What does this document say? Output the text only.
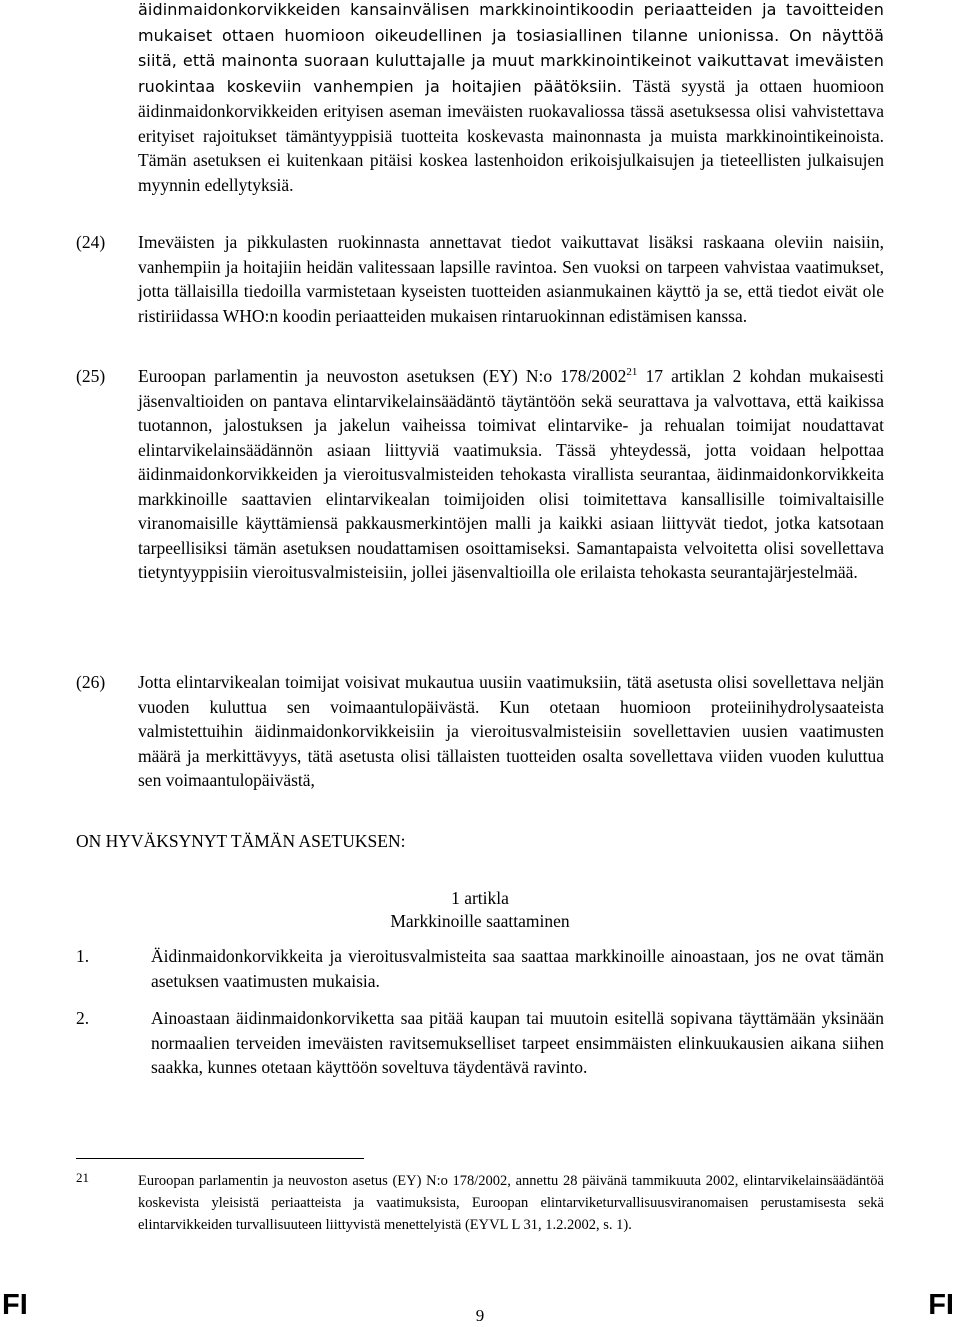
äidinmaidonkorvikkeiden kansainvälisen markkinointikoodin periaatteiden ja tavoitteiden mukaiset ottaen huomioon oikeudellinen ja tosiasiallinen tilanne unionissa. On näyttöä siitä, että mainonta suoraan kuluttajalle ja muut markkinointikeinot vaikuttavat imeväisten ruokintaa koskeviin vanhempien ja hoitajien päätöksiin. Tästä syystä ja ottaen huomioon äidinmaidonkorvikkeiden erityisen aseman imeväisten ruokavaliossa tässä asetuksessa olisi vahvistettava erityiset rajoitukset tämäntyyppisiä tuotteita koskevasta mainonnasta ja muista markkinointikeinoista. Tämän asetuksen ei kuitenkaan pitäisi koskea lastenhoidon erikoisjulkaisujen ja tieteellisten julkaisujen myynnin edellytyksiä.
(24) Imeväisten ja pikkulasten ruokinnasta annettavat tiedot vaikuttavat lisäksi raskaana oleviin naisiin, vanhempiin ja hoitajiin heidän valitessaan lapsille ravintoa. Sen vuoksi on tarpeen vahvistaa vaatimukset, jotta tällaisilla tiedoilla varmistetaan kyseisten tuotteiden asianmukainen käyttö ja se, että tiedot eivät ole ristiriidassa WHO:n koodin periaatteiden mukaisen rintaruokinnan edistämisen kanssa.
(25) Euroopan parlamentin ja neuvoston asetuksen (EY) N:o 178/2002$^{21}$ 17 artiklan 2 kohdan mukaisesti jäsenvaltioiden on pantava elintarvikelainsäädäntö täytäntöön sekä seurattava ja valvottava, että kaikissa tuotannon, jalostuksen ja jakelun vaiheissa toimivat elintarvike- ja rehualan toimijat noudattavat elintarvikelainsäädännön asiaan liittyviä vaatimuksia. Tässä yhteydessä, jotta voidaan helpottaa äidinmaidonkorvikkeiden ja vieroitusvalmisteiden tehokasta virallista seurantaa, äidinmaidonkorvikkeita markkinoille saattavien elintarvikealan toimijoiden olisi toimitettava kansallisille toimivaltaisille viranomaisille käyttämiensä pakkausmerkintöjen malli ja kaikki asiaan liittyvät tiedot, jotka katsotaan tarpeellisiksi tämän asetuksen noudattamisen osoittamiseksi. Samantapaista velvoitetta olisi sovellettava tietyntyyppisiin vieroitusvalmisteisiin, jollei jäsenvaltioilla ole erilaista tehokasta seurantajärjestelmää.
(26) Jotta elintarvikealan toimijat voisivat mukautua uusiin vaatimuksiin, tätä asetusta olisi sovellettava neljän vuoden kuluttua sen voimaantulopäivästä. Kun otetaan huomioon proteiinihydrolysaateista valmistettuihin äidinmaidonkorvikkeisiin ja vieroitusvalmisteisiin sovellettavien uusien vaatimusten määrä ja merkittävyys, tätä asetusta olisi tällaisten tuotteiden osalta sovellettava viiden vuoden kuluttua sen voimaantulopäivästä,
ON HYVÄKSYNYT TÄMÄN ASETUKSEN:
1 artikla
Markkinoille saattaminen
1.	Äidinmaidonkorvikkeita ja vieroitusvalmisteita saa saattaa markkinoille ainoastaan, jos ne ovat tämän asetuksen vaatimusten mukaisia.
2.	Ainoastaan äidinmaidonkorviketta saa pitää kaupan tai muutoin esitellä sopivana täyttämään yksinään normaalien terveiden imeväisten ravitsemukselliset tarpeet ensimmäisten elinkuukausien aikana siihen saakka, kunnes otetaan käyttöön soveltuva täydentävä ravinto.
21	Euroopan parlamentin ja neuvoston asetus (EY) N:o 178/2002, annettu 28 päivänä tammikuuta 2002, elintarvikelainsäädäntöä koskevista yleisistä periaatteista ja vaatimuksista, Euroopan elintarviketurvallisuusviranomaisen perustamisesta sekä elintarvikkeiden turvallisuuteen liittyvistä menettelyistä (EYVL L 31, 1.2.2002, s. 1).
FI	9	FI
